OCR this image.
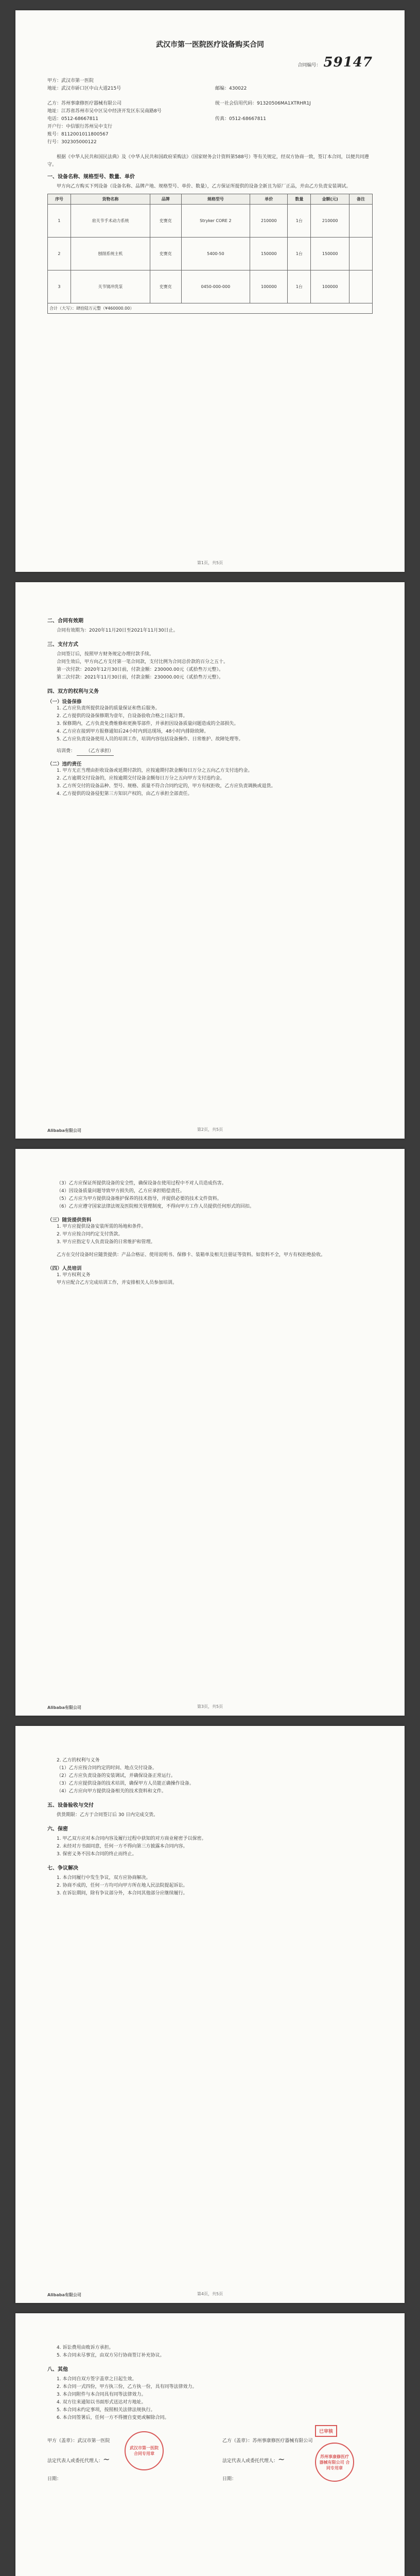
武汉市第一医院医疗设备购买合同
合同编号： 59147

甲方：武汉市第一医院

地址：武汉市硚口区中山大道215号	邮编：430022

乙方：苏州事康修医疗器械有限公司	统一社会信用代码：91320506MA1XTRHR1J

地址：江苏省苏州市吴中区吴中经济开发区东吴南路8号

电话：0512-68667811	传真：0512-68667811

开户行：中信银行苏州吴中支行

账号：8112001011800567

行号：302305000122

根据《中华人民共和国民法典》及《中华人民共和国政府采购法》（国家财务会计资料第588号）等有关规定，经双方协商一致，签订本合同，以便共同遵守。

一、设备名称、规格型号、数量、单价

甲方向乙方购买下列设备（设备名称、品牌产地、规格型号、单价、数量），乙方保证所提供的设备全新且为原厂正品，并由乙方负责安装调试。

序号	货物名称	品牌	规格型号	单价	数量	金额(元)	备注
1	肩关节手术动力系统	史赛克	Stryker CORE 2	210000	1台	210000	
2	刨削系统主机	史赛克	5400-50	150000	1台	150000	
3	关节镜冲洗泵	史赛克	0450-000-000	100000	1台	100000	
合计（大写）：肆拾陆万元整（¥460000.00）							
第1页，共5页
二、合同有效期

合同有效期为：2020年11月20日至2021年11月30日止。

三、支付方式

合同签订后，按照甲方财务规定办理付款手续。

合同生效后，甲方向乙方支付第一笔合同款，支付比例为合同总价款的百分之五十。

第一次付款：2020年12月30日前，付款金额：230000.00元（贰拾叁万元整）。

第二次付款：2021年11月30日前，付款金额：230000.00元（贰拾叁万元整）。

四、双方的权利与义务
（一）设备保修

1. 乙方应负责所提供设备的质量保证和售后服务。

2. 乙方提供的设备保修期为壹年，自设备验收合格之日起计算。

3. 保修期内，乙方负责免费维修和更换零部件，并承担因设备质量问题造成的全部损失。

4. 乙方应在接到甲方报修通知后24小时内到达现场，48小时内排除故障。

5. 乙方应负责设备使用人员的培训工作，培训内容包括设备操作、日常维护、故障处理等。

培训费： （乙方承担）

（二）违约责任

1. 甲方无正当理由拒收设备或延期付款的，应按逾期付款金额每日万分之五向乙方支付违约金。

2. 乙方逾期交付设备的，应按逾期交付设备金额每日万分之五向甲方支付违约金。

3. 乙方所交付的设备品种、型号、规格、质量不符合合同约定的，甲方有权拒收，乙方应负责调换或退货。

4. 乙方提供的设备侵犯第三方知识产权的，由乙方承担全部责任。

Alibaba有限公司	第2页，共5页

（3）乙方应保证所提供设备的安全性，确保设备在使用过程中不对人员造成伤害。

（4）因设备质量问题导致甲方损失的，乙方应承担赔偿责任。

（5）乙方应为甲方提供设备维护保养的技术指导，并提供必要的技术文件资料。

（6）乙方应遵守国家法律法规及医院相关管理制度，不得向甲方工作人员提供任何形式的回扣。

（三）随货提供资料

1. 甲方应提供设备安装所需的场地和条件。

2. 甲方应按合同约定支付货款。

3. 甲方应指定专人负责设备的日常维护和管理。

乙方在交付设备时应随货提供：产品合格证、使用说明书、保修卡、装箱单及相关注册证等资料。如资料不全，甲方有权拒绝验收。

（四）人员培训

1. 甲方权利义务

甲方应配合乙方完成培训工作，并安排相关人员参加培训。

Alibaba有限公司	第3页，共5页

2. 乙方的权利与义务

（1）乙方应按合同约定的时间、地点交付设备。

（2）乙方应负责设备的安装调试，并确保设备正常运行。

（3）乙方应提供设备的技术培训，确保甲方人员能正确操作设备。

（4）乙方应向甲方提供设备相关的技术资料和文件。

五、设备验收与交付

供货期限：乙方于合同签订后 30 日内完成交货。

六、保密

1. 甲乙双方应对本合同内容及履行过程中获知的对方商业秘密予以保密。

2. 未经对方书面同意，任何一方不得向第三方披露本合同内容。

3. 保密义务不因本合同的终止而终止。

七、争议解决

1. 本合同履行中发生争议，双方应协商解决。

2. 协商不成的，任何一方均可向甲方所在地人民法院提起诉讼。

3. 在诉讼期间，除有争议部分外，本合同其他部分应继续履行。

Alibaba有限公司	第4页，共5页

4. 诉讼费用由败诉方承担。

5. 本合同未尽事宜，由双方另行协商签订补充协议。

八、其他

1. 本合同自双方签字盖章之日起生效。

2. 本合同一式四份，甲方执三份，乙方执一份，具有同等法律效力。

3. 本合同附件与本合同具有同等法律效力。

4. 双方往来通知以书面形式送达对方地址。

5. 本合同未约定事项，按照相关法律法规执行。

6. 本合同签署后，任何一方不得擅自变更或解除合同。

甲方（盖章）：武汉市第一医院

法定代表人或委托代理人：~

日期：

乙方（盖章）：苏州事康修医疗器械有限公司

法定代表人或委托代理人：~

日期：

武汉市第一医院 合同专用章
已审核
苏州事康修医疗器械有限公司 合同专用章
